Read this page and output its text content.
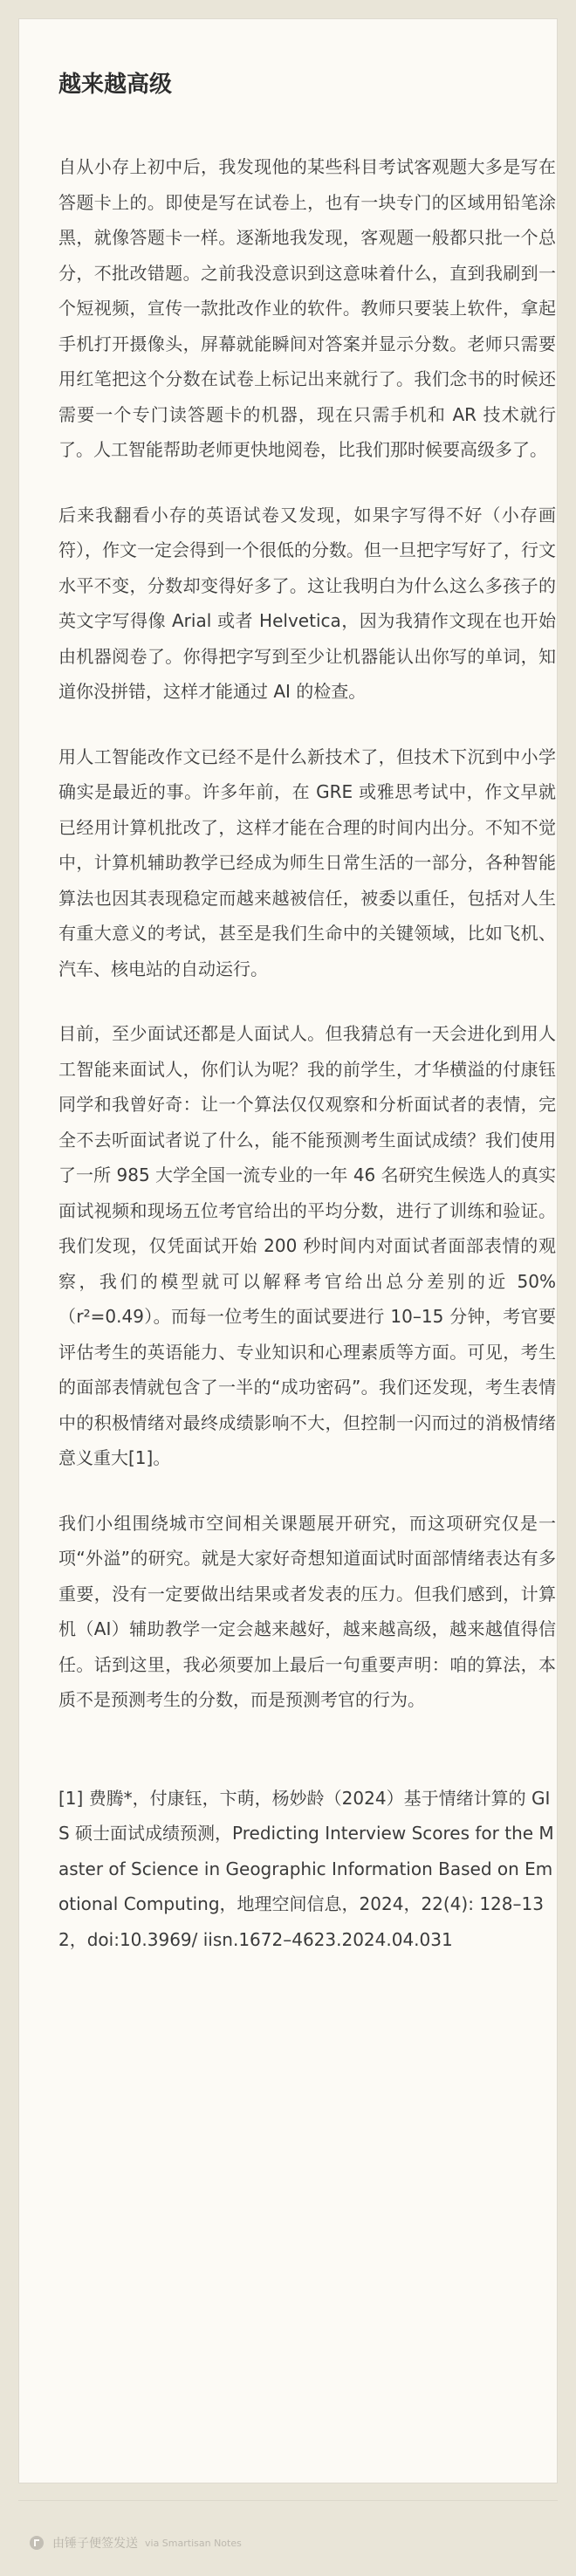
越来越高级

自从小存上初中后，我发现他的某些科目考试客观题大多是写在答题卡上的。即使是写在试卷上，也有一块专门的区域用铅笔涂黑，就像答题卡一样。逐渐地我发现，客观题一般都只批一个总分，不批改错题。之前我没意识到这意味着什么，直到我刷到一个短视频，宣传一款批改作业的软件。教师只要装上软件，拿起手机打开摄像头，屏幕就能瞬间对答案并显示分数。老师只需要用红笔把这个分数在试卷上标记出来就行了。我们念书的时候还需要一个专门读答题卡的机器，现在只需手机和 AR 技术就行了。人工智能帮助老师更快地阅卷，比我们那时候要高级多了。

后来我翻看小存的英语试卷又发现，如果字写得不好（小存画符），作文一定会得到一个很低的分数。但一旦把字写好了，行文水平不变，分数却变得好多了。这让我明白为什么这么多孩子的英文字写得像 Arial 或者 Helvetica，因为我猜作文现在也开始由机器阅卷了。你得把字写到至少让机器能认出你写的单词，知道你没拼错，这样才能通过 AI 的检查。

用人工智能改作文已经不是什么新技术了，但技术下沉到中小学确实是最近的事。许多年前，在 GRE 或雅思考试中，作文早就已经用计算机批改了，这样才能在合理的时间内出分。不知不觉中，计算机辅助教学已经成为师生日常生活的一部分，各种智能算法也因其表现稳定而越来越被信任，被委以重任，包括对人生有重大意义的考试，甚至是我们生命中的关键领域，比如飞机、汽车、核电站的自动运行。

目前，至少面试还都是人面试人。但我猜总有一天会进化到用人工智能来面试人，你们认为呢？我的前学生，才华横溢的付康钰同学和我曾好奇：让一个算法仅仅观察和分析面试者的表情，完全不去听面试者说了什么，能不能预测考生面试成绩？我们使用了一所 985 大学全国一流专业的一年 46 名研究生候选人的真实面试视频和现场五位考官给出的平均分数，进行了训练和验证。我们发现，仅凭面试开始 200 秒时间内对面试者面部表情的观察，我们的模型就可以解释考官给出总分差别的近 50%（r²=0.49）。而每一位考生的面试要进行 10–15 分钟，考官要评估考生的英语能力、专业知识和心理素质等方面。可见，考生的面部表情就包含了一半的“成功密码”。我们还发现，考生表情中的积极情绪对最终成绩影响不大，但控制一闪而过的消极情绪意义重大[1]。

我们小组围绕城市空间相关课题展开研究，而这项研究仅是一项“外溢”的研究。就是大家好奇想知道面试时面部情绪表达有多重要，没有一定要做出结果或者发表的压力。但我们感到，计算机（AI）辅助教学一定会越来越好，越来越高级，越来越值得信任。话到这里，我必须要加上最后一句重要声明：咱的算法，本质不是预测考生的分数，而是预测考官的行为。

[1] 费腾*，付康钰，卞萌，杨妙龄（2024）基于情绪计算的 GIS 硕士面试成绩预测，Predicting Interview Scores for the Master of Science in Geographic Information Based on Emotional Computing，地理空间信息，2024，22(4): 128–132，doi:10.3969/ iisn.1672–4623.2024.04.031

由锤子便签发送 via Smartisan Notes
